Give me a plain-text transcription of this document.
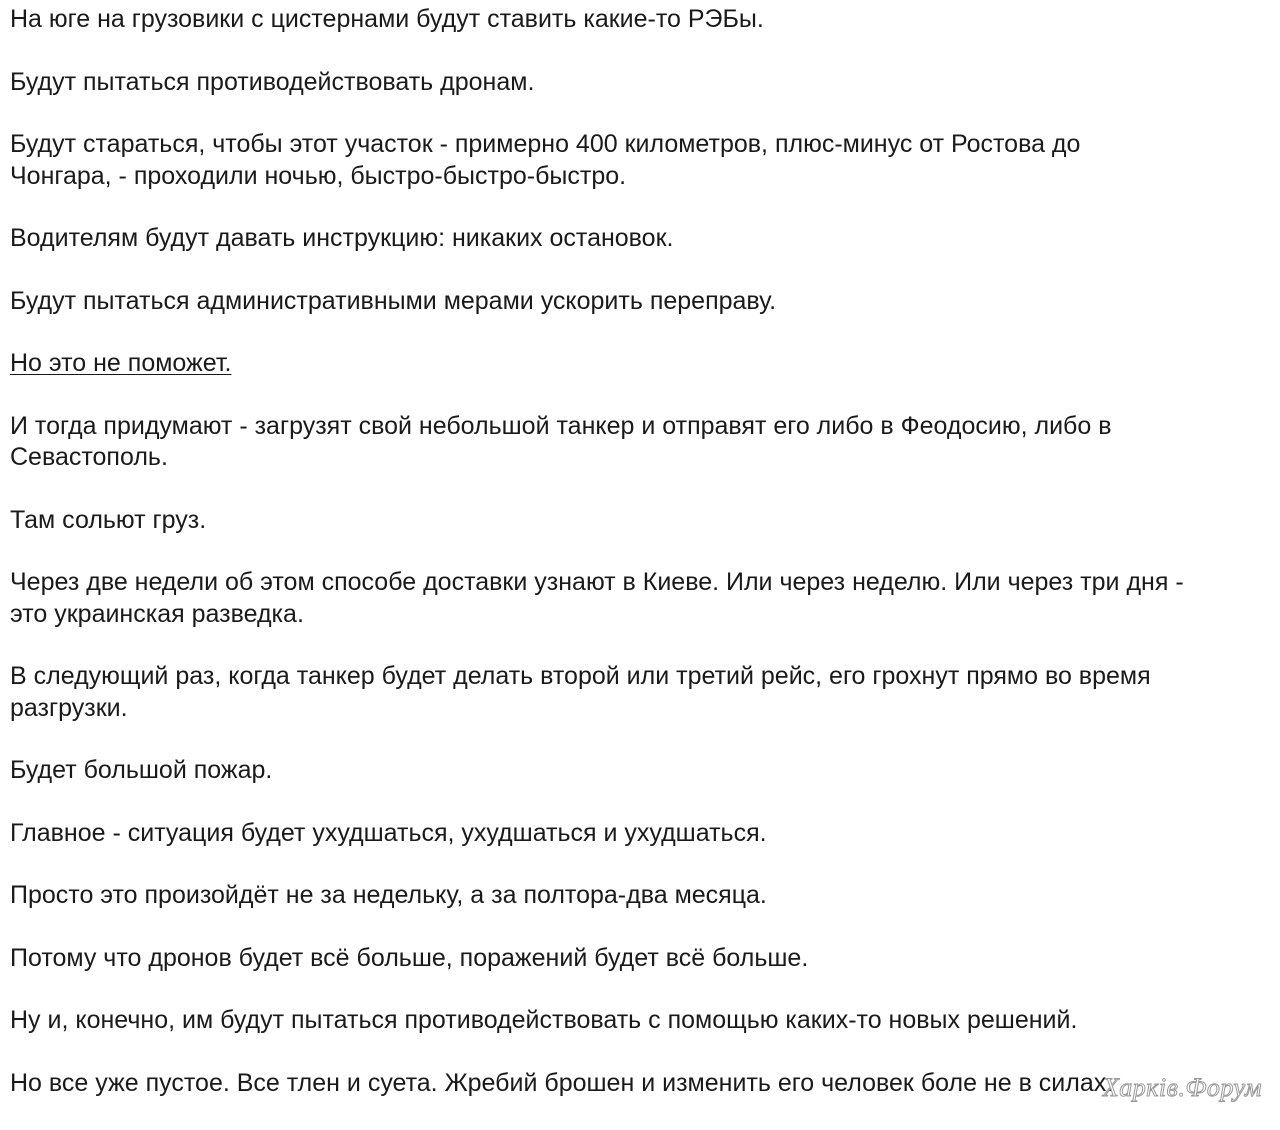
На юге на грузовики с цистернами будут ставить какие-то РЭБы.

Будут пытаться противодействовать дронам.

Будут стараться, чтобы этот участок - примерно 400 километров, плюс-минус от Ростова до
Чонгара, - проходили ночью, быстро-быстро-быстро.

Водителям будут давать инструкцию: никаких остановок.

Будут пытаться административными мерами ускорить переправу.

Но это не поможет.

И тогда придумают - загрузят свой небольшой танкер и отправят его либо в Феодосию, либо в
Севастополь.

Там сольют груз.

Через две недели об этом способе доставки узнают в Киеве. Или через неделю. Или через три дня -
это украинская разведка.

В следующий раз, когда танкер будет делать второй или третий рейс, его грохнут прямо во время
разгрузки.

Будет большой пожар.

Главное - ситуация будет ухудшаться, ухудшаться и ухудшаться.

Просто это произойдёт не за недельку, а за полтора-два месяца.

Потому что дронов будет всё больше, поражений будет всё больше.

Ну и, конечно, им будут пытаться противодействовать с помощью каких-то новых решений.

Но все уже пустое. Все тлен и суета. Жребий брошен и изменить его человек боле не в силах.

Харків.Форум
